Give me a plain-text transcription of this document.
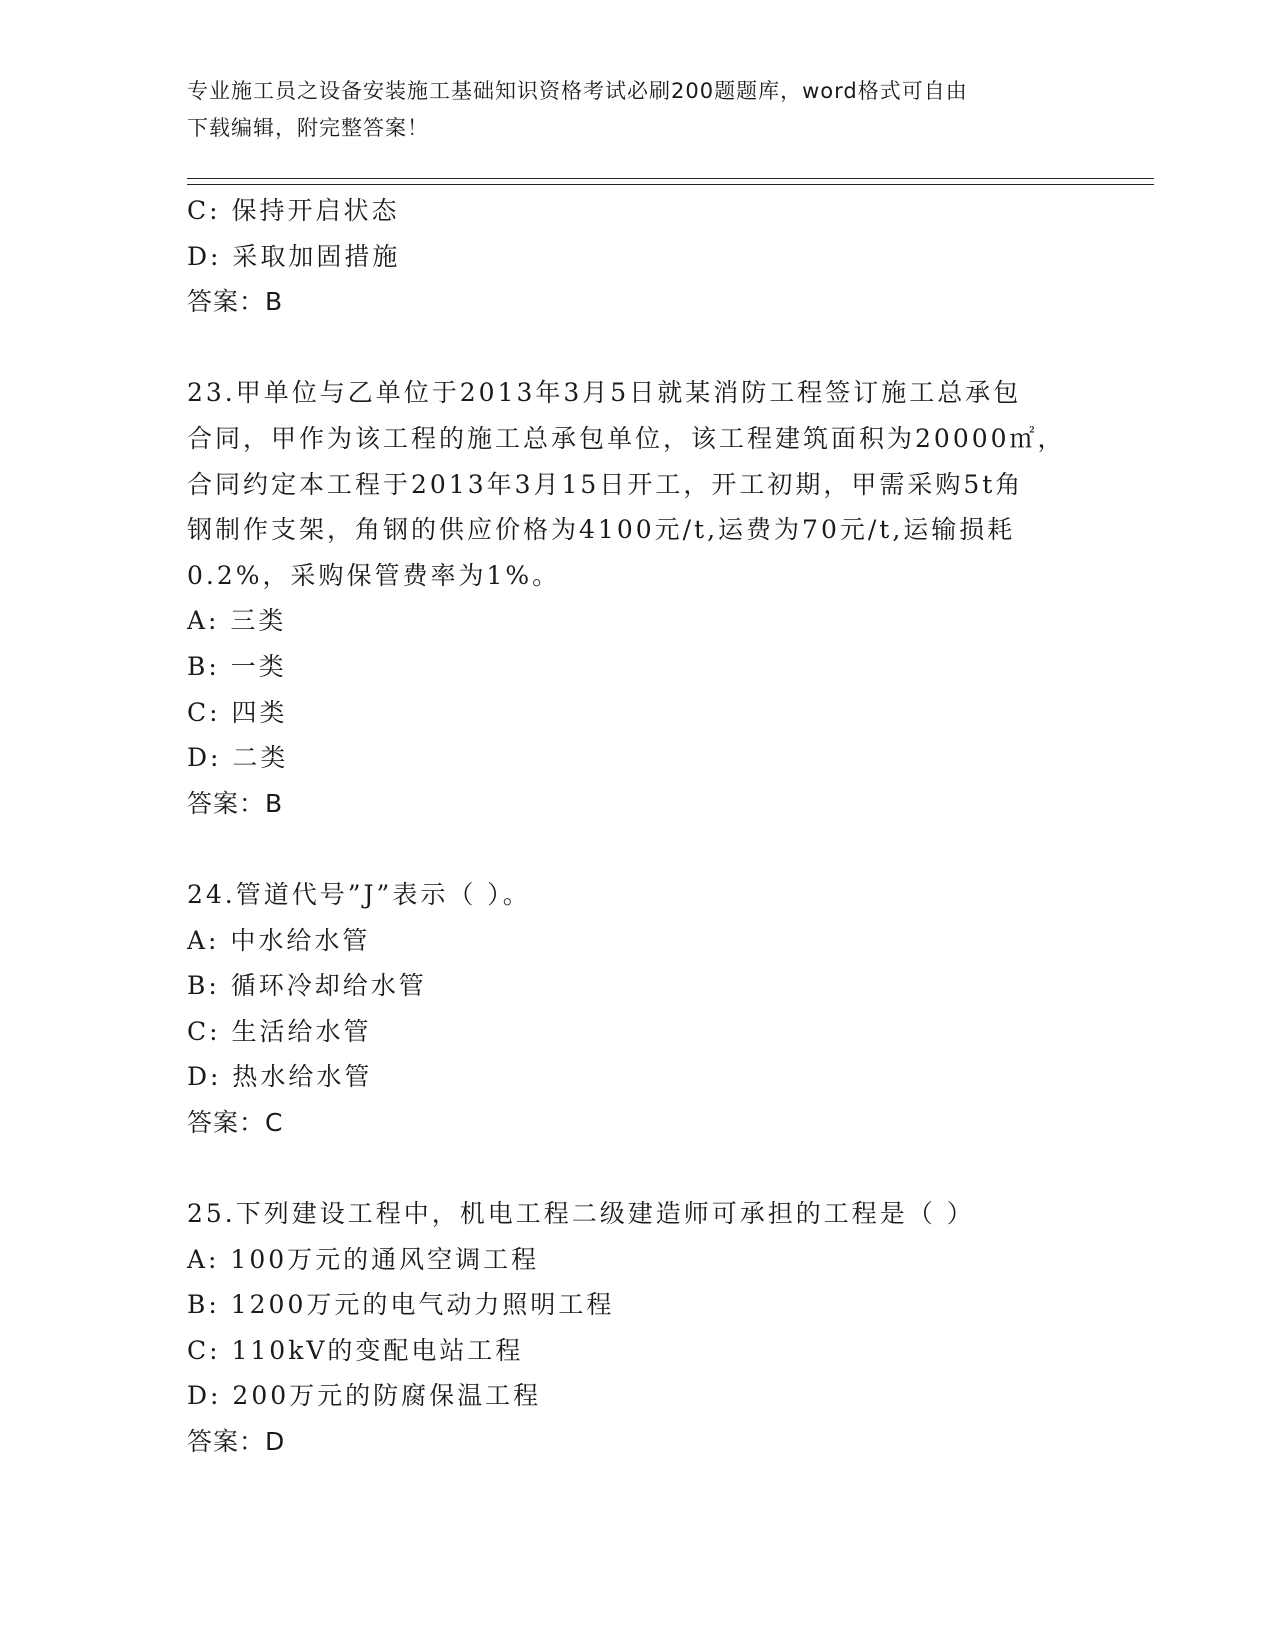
专业施工员之设备安装施工基础知识资格考试必刷200题题库，word格式可自由
下载编辑，附完整答案！
C: 保持开启状态
D: 采取加固措施
答案：B
23.甲单位与乙单位于2013年3月5日就某消防工程签订施工总承包
合同，甲作为该工程的施工总承包单位，该工程建筑面积为20000㎡，
合同约定本工程于2013年3月15日开工，开工初期，甲需采购5t角
钢制作支架，角钢的供应价格为4100元/t,运费为70元/t,运输损耗
0.2%，采购保管费率为1%。
A: 三类
B: 一类
C: 四类
D: 二类
答案：B
24.管道代号”J”表示（ ）。
A: 中水给水管
B: 循环冷却给水管
C: 生活给水管
D: 热水给水管
答案：C
25.下列建设工程中，机电工程二级建造师可承担的工程是（ ）
A: 100万元的通风空调工程
B: 1200万元的电气动力照明工程
C: 110kV的变配电站工程
D: 200万元的防腐保温工程
答案：D
